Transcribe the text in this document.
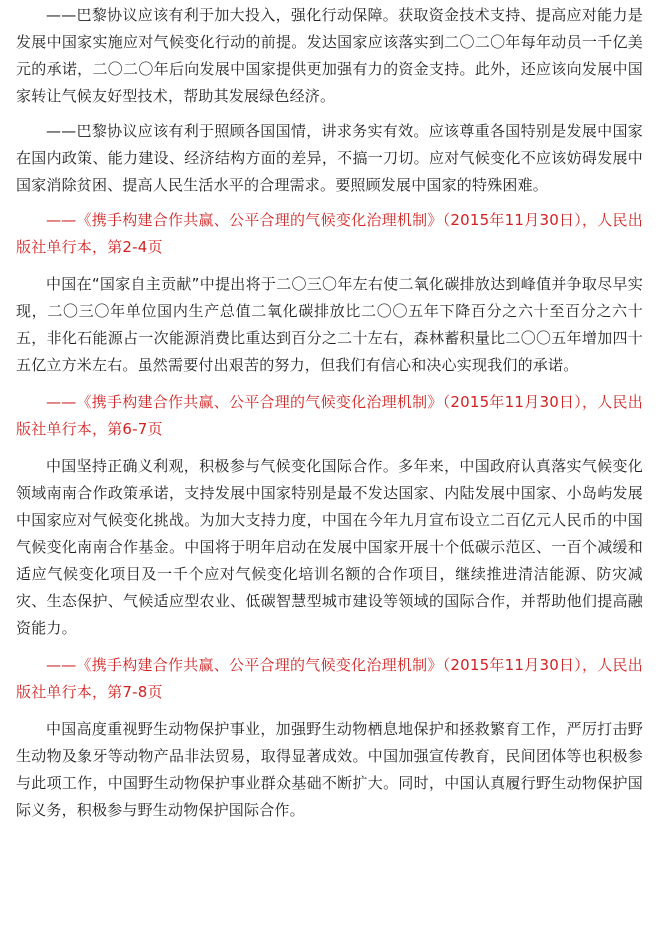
——巴黎协议应该有利于加大投入，强化行动保障。获取资金技术支持、提高应对能力是发展中国家实施应对气候变化行动的前提。发达国家应该落实到二〇二〇年每年动员一千亿美元的承诺，二〇二〇年后向发展中国家提供更加强有力的资金支持。此外，还应该向发展中国家转让气候友好型技术，帮助其发展绿色经济。

——巴黎协议应该有利于照顾各国国情，讲求务实有效。应该尊重各国特别是发展中国家在国内政策、能力建设、经济结构方面的差异，不搞一刀切。应对气候变化不应该妨碍发展中国家消除贫困、提高人民生活水平的合理需求。要照顾发展中国家的特殊困难。

——《携手构建合作共赢、公平合理的气候变化治理机制》（2015年11月30日），人民出版社单行本，第2-4页

中国在“国家自主贡献”中提出将于二〇三〇年左右使二氧化碳排放达到峰值并争取尽早实现，二〇三〇年单位国内生产总值二氧化碳排放比二〇〇五年下降百分之六十至百分之六十五，非化石能源占一次能源消费比重达到百分之二十左右，森林蓄积量比二〇〇五年增加四十五亿立方米左右。虽然需要付出艰苦的努力，但我们有信心和决心实现我们的承诺。

——《携手构建合作共赢、公平合理的气候变化治理机制》（2015年11月30日），人民出版社单行本，第6-7页

中国坚持正确义利观，积极参与气候变化国际合作。多年来，中国政府认真落实气候变化领域南南合作政策承诺，支持发展中国家特别是最不发达国家、内陆发展中国家、小岛屿发展中国家应对气候变化挑战。为加大支持力度，中国在今年九月宣布设立二百亿元人民币的中国气候变化南南合作基金。中国将于明年启动在发展中国家开展十个低碳示范区、一百个减缓和适应气候变化项目及一千个应对气候变化培训名额的合作项目，继续推进清洁能源、防灾减灾、生态保护、气候适应型农业、低碳智慧型城市建设等领域的国际合作，并帮助他们提高融资能力。

——《携手构建合作共赢、公平合理的气候变化治理机制》（2015年11月30日），人民出版社单行本，第7-8页

中国高度重视野生动物保护事业，加强野生动物栖息地保护和拯救繁育工作，严厉打击野生动物及象牙等动物产品非法贸易，取得显著成效。中国加强宣传教育，民间团体等也积极参与此项工作，中国野生动物保护事业群众基础不断扩大。同时，中国认真履行野生动物保护国际义务，积极参与野生动物保护国际合作。
